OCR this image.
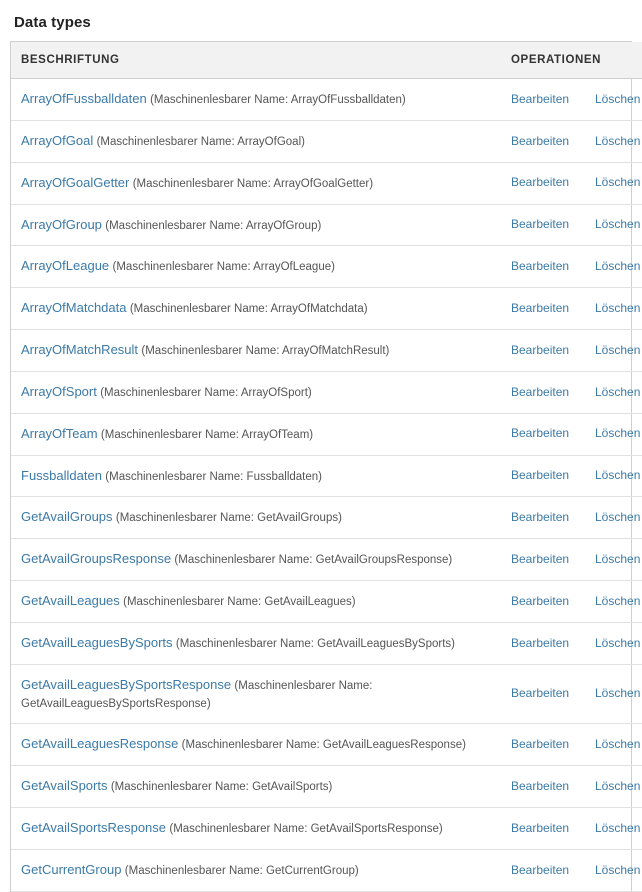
Data types
BESCHRIFTUNG	OPERATIONEN
ArrayOfFussballdaten (Maschinenlesbarer Name: ArrayOfFussballdaten)	Bearbeiten Löschen
ArrayOfGoal (Maschinenlesbarer Name: ArrayOfGoal)	Bearbeiten Löschen
ArrayOfGoalGetter (Maschinenlesbarer Name: ArrayOfGoalGetter)	Bearbeiten Löschen
ArrayOfGroup (Maschinenlesbarer Name: ArrayOfGroup)	Bearbeiten Löschen
ArrayOfLeague (Maschinenlesbarer Name: ArrayOfLeague)	Bearbeiten Löschen
ArrayOfMatchdata (Maschinenlesbarer Name: ArrayOfMatchdata)	Bearbeiten Löschen
ArrayOfMatchResult (Maschinenlesbarer Name: ArrayOfMatchResult)	Bearbeiten Löschen
ArrayOfSport (Maschinenlesbarer Name: ArrayOfSport)	Bearbeiten Löschen
ArrayOfTeam (Maschinenlesbarer Name: ArrayOfTeam)	Bearbeiten Löschen
Fussballdaten (Maschinenlesbarer Name: Fussballdaten)	Bearbeiten Löschen
GetAvailGroups (Maschinenlesbarer Name: GetAvailGroups)	Bearbeiten Löschen
GetAvailGroupsResponse (Maschinenlesbarer Name: GetAvailGroupsResponse)	Bearbeiten Löschen
GetAvailLeagues (Maschinenlesbarer Name: GetAvailLeagues)	Bearbeiten Löschen
GetAvailLeaguesBySports (Maschinenlesbarer Name: GetAvailLeaguesBySports)	Bearbeiten Löschen
GetAvailLeaguesBySportsResponse (Maschinenlesbarer Name: GetAvailLeaguesBySportsResponse)	Bearbeiten Löschen
GetAvailLeaguesResponse (Maschinenlesbarer Name: GetAvailLeaguesResponse)	Bearbeiten Löschen
GetAvailSports (Maschinenlesbarer Name: GetAvailSports)	Bearbeiten Löschen
GetAvailSportsResponse (Maschinenlesbarer Name: GetAvailSportsResponse)	Bearbeiten Löschen
GetCurrentGroup (Maschinenlesbarer Name: GetCurrentGroup)	Bearbeiten Löschen
